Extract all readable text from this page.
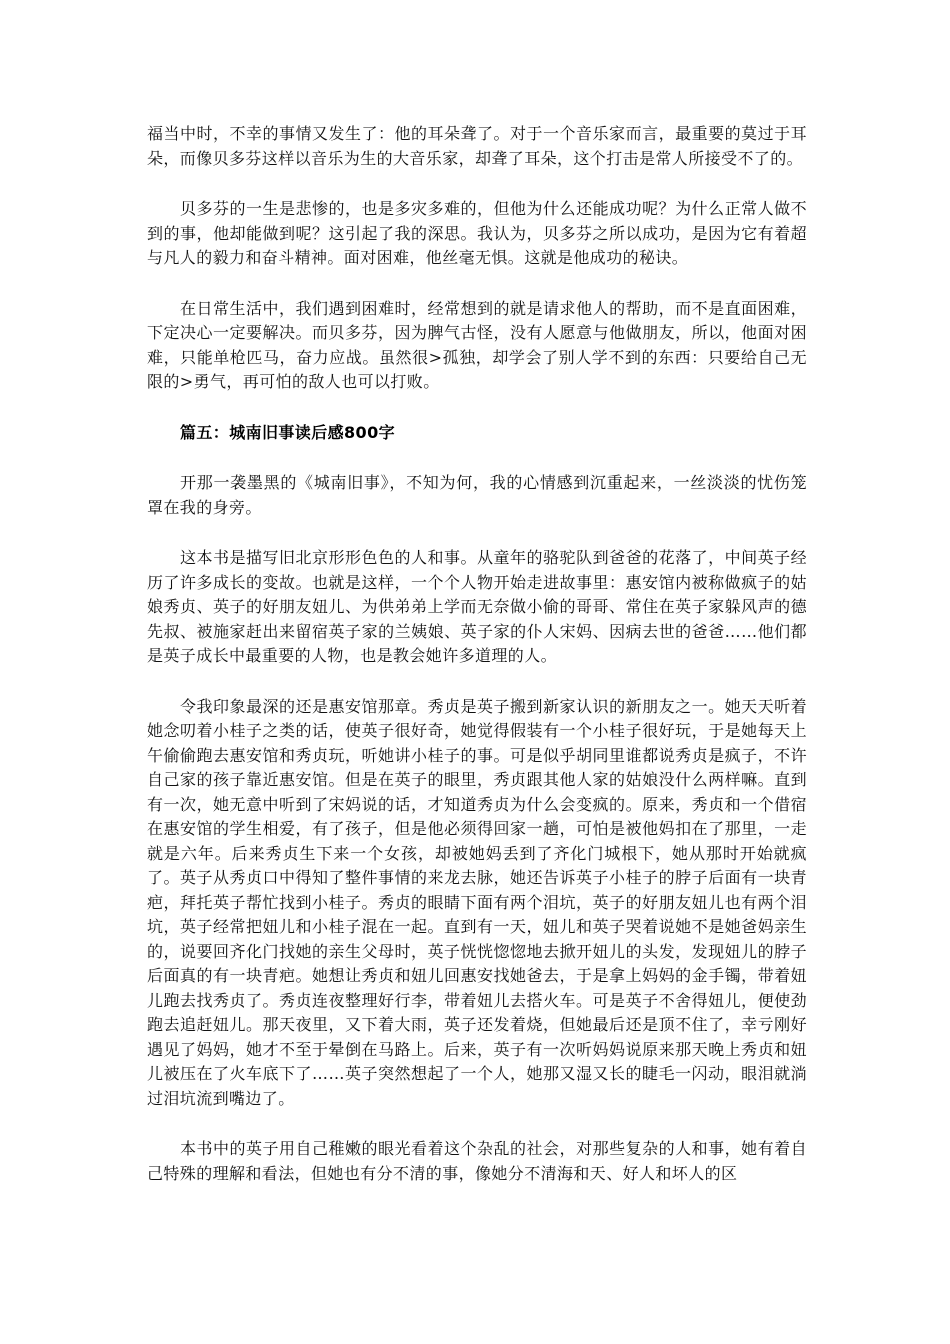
福当中时，不幸的事情又发生了：他的耳朵聋了。对于一个音乐家而言，最重要的莫过于耳朵，而像贝多芬这样以音乐为生的大音乐家，却聋了耳朵，这个打击是常人所接受不了的。

贝多芬的一生是悲惨的，也是多灾多难的，但他为什么还能成功呢？为什么正常人做不到的事，他却能做到呢？这引起了我的深思。我认为，贝多芬之所以成功，是因为它有着超与凡人的毅力和奋斗精神。面对困难，他丝毫无惧。这就是他成功的秘诀。

在日常生活中，我们遇到困难时，经常想到的就是请求他人的帮助，而不是直面困难，下定决心一定要解决。而贝多芬，因为脾气古怪，没有人愿意与他做朋友，所以，他面对困难，只能单枪匹马，奋力应战。虽然很>孤独，却学会了别人学不到的东西：只要给自己无限的>勇气，再可怕的敌人也可以打败。

篇五：城南旧事读后感800字

开那一袭墨黑的《城南旧事》，不知为何，我的心情感到沉重起来，一丝淡淡的忧伤笼罩在我的身旁。

这本书是描写旧北京形形色色的人和事。从童年的骆驼队到爸爸的花落了，中间英子经历了许多成长的变故。也就是这样，一个个人物开始走进故事里：惠安馆内被称做疯子的姑娘秀贞、英子的好朋友妞儿、为供弟弟上学而无奈做小偷的哥哥、常住在英子家躲风声的德先叔、被施家赶出来留宿英子家的兰姨娘、英子家的仆人宋妈、因病去世的爸爸……他们都是英子成长中最重要的人物，也是教会她许多道理的人。

令我印象最深的还是惠安馆那章。秀贞是英子搬到新家认识的新朋友之一。她天天听着她念叨着小桂子之类的话，使英子很好奇，她觉得假装有一个小桂子很好玩，于是她每天上午偷偷跑去惠安馆和秀贞玩，听她讲小桂子的事。可是似乎胡同里谁都说秀贞是疯子，不许自己家的孩子靠近惠安馆。但是在英子的眼里，秀贞跟其他人家的姑娘没什么两样嘛。直到有一次，她无意中听到了宋妈说的话，才知道秀贞为什么会变疯的。原来，秀贞和一个借宿在惠安馆的学生相爱，有了孩子，但是他必须得回家一趟，可怕是被他妈扣在了那里，一走就是六年。后来秀贞生下来一个女孩，却被她妈丢到了齐化门城根下，她从那时开始就疯了。英子从秀贞口中得知了整件事情的来龙去脉，她还告诉英子小桂子的脖子后面有一块青疤，拜托英子帮忙找到小桂子。秀贞的眼睛下面有两个泪坑，英子的好朋友妞儿也有两个泪坑，英子经常把妞儿和小桂子混在一起。直到有一天，妞儿和英子哭着说她不是她爸妈亲生的，说要回齐化门找她的亲生父母时，英子恍恍惚惚地去掀开妞儿的头发，发现妞儿的脖子后面真的有一块青疤。她想让秀贞和妞儿回惠安找她爸去，于是拿上妈妈的金手镯，带着妞儿跑去找秀贞了。秀贞连夜整理好行李，带着妞儿去搭火车。可是英子不舍得妞儿，便使劲跑去追赶妞儿。那天夜里，又下着大雨，英子还发着烧，但她最后还是顶不住了，幸亏刚好遇见了妈妈，她才不至于晕倒在马路上。后来，英子有一次听妈妈说原来那天晚上秀贞和妞儿被压在了火车底下了……英子突然想起了一个人，她那又湿又长的睫毛一闪动，眼泪就淌过泪坑流到嘴边了。

本书中的英子用自己稚嫩的眼光看着这个杂乱的社会，对那些复杂的人和事，她有着自己特殊的理解和看法，但她也有分不清的事，像她分不清海和天、好人和坏人的区
